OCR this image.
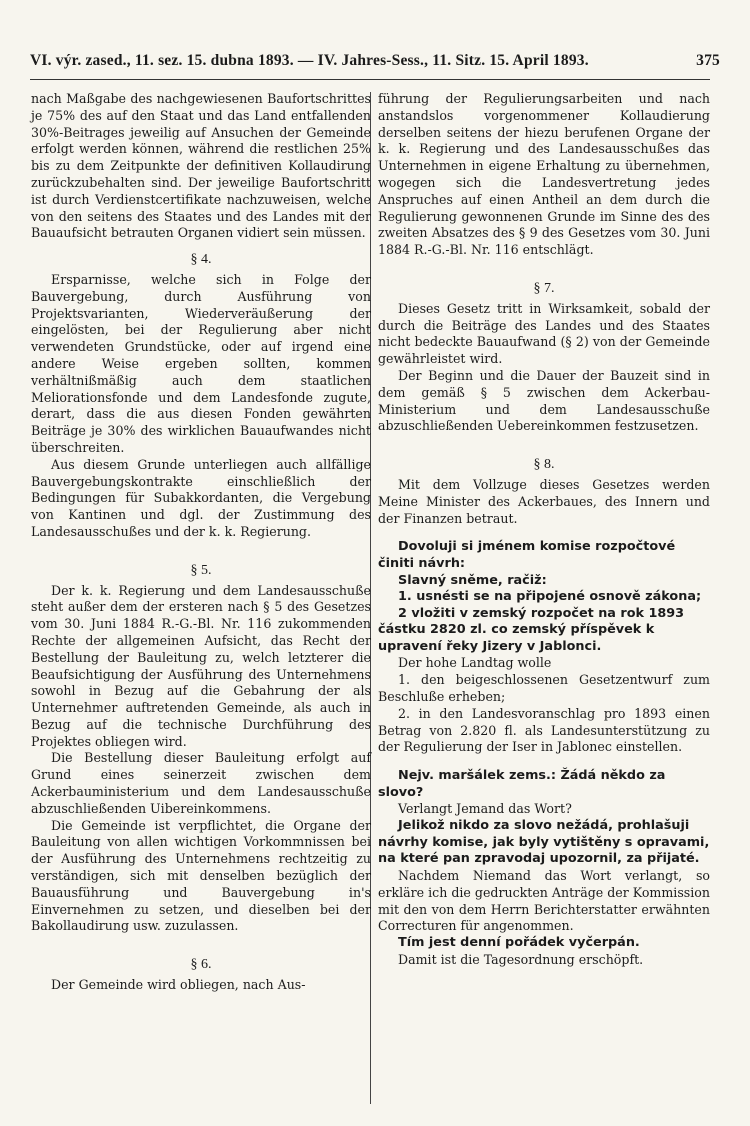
VI. výr. zased., 11. sez. 15. dubna 1893. — IV. Jahres-Sess., 11. Sitz. 15. April 1893.	375

nach Maßgabe des nachgewiesenen Baufortschrittes je 75% des auf den Staat und das Land entfallenden 30%-Beitrages jeweilig auf Ansuchen der Gemeinde erfolgt werden können, während die restlichen 25% bis zu dem Zeitpunkte der definitiven Kollaudirung zurückzubehalten sind. Der jeweilige Baufortschritt ist durch Verdienstcertifikate nachzuweisen, welche von den seitens des Staates und des Landes mit der Bauaufsicht betrauten Organen vidiert sein müssen.

§ 4.

Ersparnisse, welche sich in Folge der Bauvergebung, durch Ausführung von Projektsvarianten, Wiederveräußerung der eingelösten, bei der Regulierung aber nicht verwendeten Grundstücke, oder auf irgend eine andere Weise ergeben sollten, kommen verhältnißmäßig auch dem staatlichen Meliorationsfonde und dem Landesfonde zugute, derart, dass die aus diesen Fonden gewährten Beiträge je 30% des wirklichen Bauaufwandes nicht überschreiten.

Aus diesem Grunde unterliegen auch allfällige Bauvergebungskontrakte einschließlich der Bedingungen für Subakkordanten, die Vergebung von Kantinen und dgl. der Zustimmung des Landesausschußes und der k. k. Regierung.

§ 5.

Der k. k. Regierung und dem Landesausschuße steht außer dem der ersteren nach § 5 des Gesetzes vom 30. Juni 1884 R.-G.-Bl. Nr. 116 zukommenden Rechte der allgemeinen Aufsicht, das Recht der Bestellung der Bauleitung zu, welch letzterer die Beaufsichtigung der Ausführung des Unternehmens sowohl in Bezug auf die Gebahrung der als Unternehmer auftretenden Gemeinde, als auch in Bezug auf die technische Durchführung des Projektes obliegen wird.

Die Bestellung dieser Bauleitung erfolgt auf Grund eines seinerzeit zwischen dem Ackerbauministerium und dem Landesausschuße abzuschließenden Uibereinkommens.

Die Gemeinde ist verpflichtet, die Organe der Bauleitung von allen wichtigen Vorkommnissen bei der Ausführung des Unternehmens rechtzeitig zu verständigen, sich mit denselben bezüglich der Bauausführung und Bauvergebung in's Einvernehmen zu setzen, und dieselben bei der Bakollaudirung usw. zuzulassen.

§ 6.

Der Gemeinde wird obliegen, nach Aus-

führung der Regulierungsarbeiten und nach anstandslos vorgenommener Kollaudierung derselben seitens der hiezu berufenen Organe der k. k. Regierung und des Landesausschußes das Unternehmen in eigene Erhaltung zu übernehmen, wogegen sich die Landesvertretung jedes Anspruches auf einen Antheil an dem durch die Regulierung gewonnenen Grunde im Sinne des des zweiten Absatzes des § 9 des Gesetzes vom 30. Juni 1884 R.-G.-Bl. Nr. 116 entschlägt.

§ 7.

Dieses Gesetz tritt in Wirksamkeit, sobald der durch die Beiträge des Landes und des Staates nicht bedeckte Bauaufwand (§ 2) von der Gemeinde gewährleistet wird.

Der Beginn und die Dauer der Bauzeit sind in dem gemäß § 5 zwischen dem Ackerbau-Ministerium und dem Landesausschuße abzuschließenden Uebereinkommen festzusetzen.

§ 8.

Mit dem Vollzuge dieses Gesetzes werden Meine Minister des Ackerbaues, des Innern und der Finanzen betraut.

Dovoluji si jménem komise rozpočtové činiti návrh:

Slavný sněme, račiž:

1. usnésti se na připojené osnově zákona;

2 vložiti v zemský rozpočet na rok 1893 částku 2820 zl. co zemský příspěvek k upravení řeky Jizery v Jablonci.

Der hohe Landtag wolle

1. den beigeschlossenen Gesetzentwurf zum Beschluße erheben;

2. in den Landesvoranschlag pro 1893 einen Betrag von 2.820 fl. als Landesunterstützung zu der Regulierung der Iser in Jablonec einstellen.

Nejv. maršálek zems.: Žádá někdo za slovo?

Verlangt Jemand das Wort?

Jelikož nikdo za slovo nežádá, prohlašuji návrhy komise, jak byly vytištěny s opravami, na které pan zpravodaj upozornil, za přijaté.

Nachdem Niemand das Wort verlangt, so erkläre ich die gedruckten Anträge der Kommission mit den von dem Herrn Berichterstatter erwähnten Correcturen für angenommen.

Tím jest denní pořádek vyčerpán.

Damit ist die Tagesordnung erschöpft.
